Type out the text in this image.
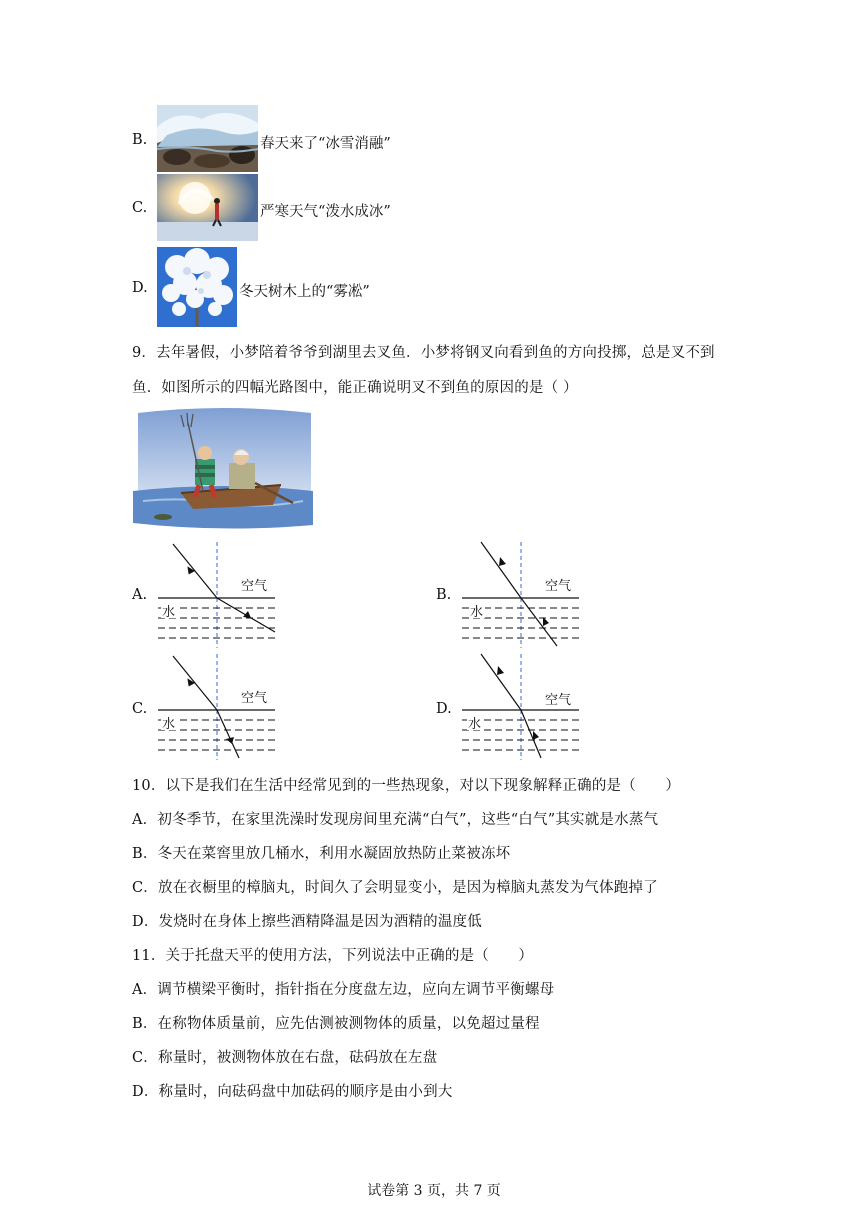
B.	春天来了“冰雪消融”
C.	严寒天气“泼水成冰”
D.	冬天树木上的“雾凇”
9．去年暑假，小梦陪着爷爷到湖里去叉鱼．小梦将钢叉向看到鱼的方向投掷，总是叉不到
鱼．如图所示的四幅光路图中，能正确说明叉不到鱼的原因的是（ ）
A.	B.
C.	D.
空气
水
空气
水
空气
水
空气
水
10．以下是我们在生活中经常见到的一些热现象，对以下现象解释正确的是（　　）
A．初冬季节，在家里洗澡时发现房间里充满“白气”，这些“白气”其实就是水蒸气
B．冬天在菜窖里放几桶水，利用水凝固放热防止菜被冻坏
C．放在衣橱里的樟脑丸，时间久了会明显变小，是因为樟脑丸蒸发为气体跑掉了
D．发烧时在身体上擦些酒精降温是因为酒精的温度低
11．关于托盘天平的使用方法，下列说法中正确的是（　　）
A．调节横梁平衡时，指针指在分度盘左边，应向左调节平衡螺母
B．在称物体质量前，应先估测被测物体的质量，以免超过量程
C．称量时，被测物体放在右盘，砝码放在左盘
D．称量时，向砝码盘中加砝码的顺序是由小到大
试卷第 3 页，共 7 页
